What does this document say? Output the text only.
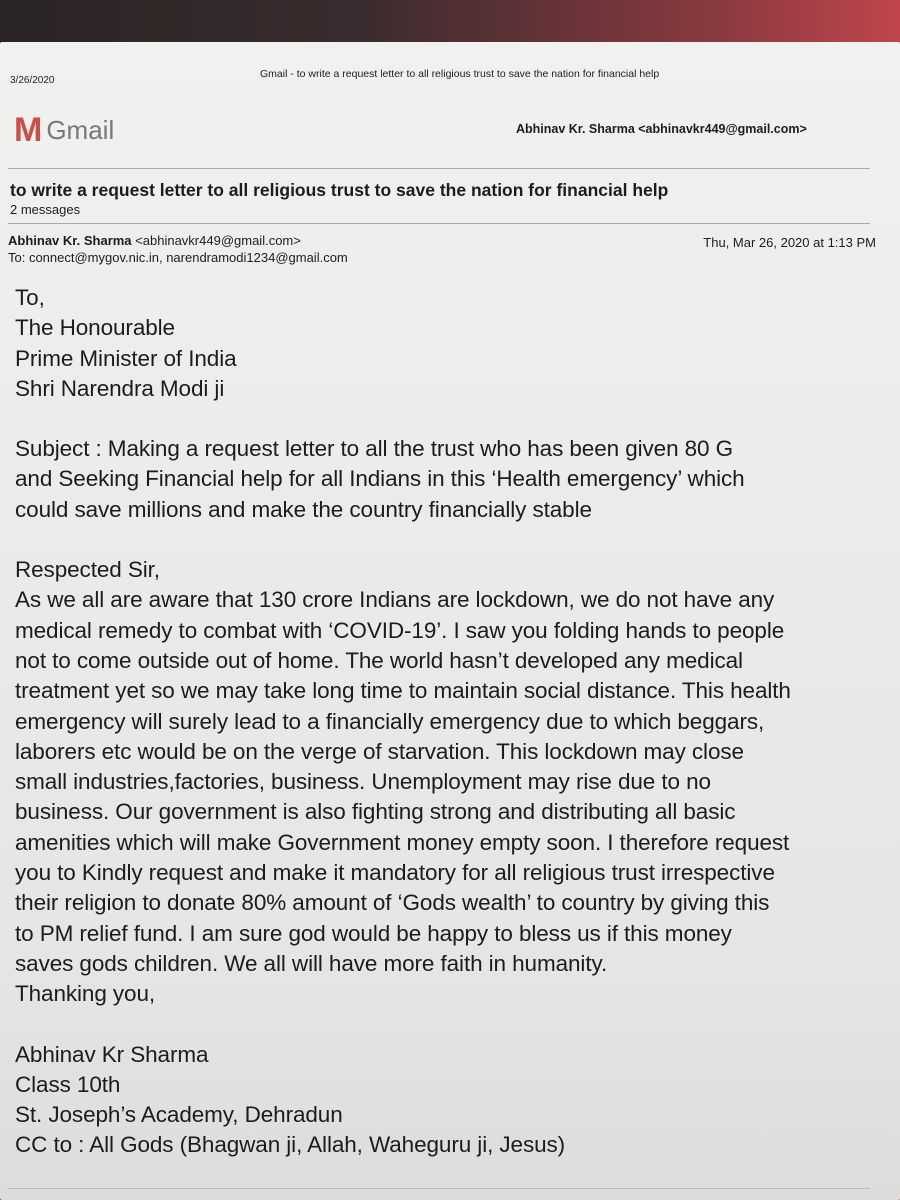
3/26/2020
Gmail - to write a request letter to all religious trust to save the nation for financial help
M Gmail	Abhinav Kr. Sharma <abhinavkr449@gmail.com>
to write a request letter to all religious trust to save the nation for financial help
2 messages
Abhinav Kr. Sharma <abhinavkr449@gmail.com>
To: connect@mygov.nic.in, narendramodi1234@gmail.com
Thu, Mar 26, 2020 at 1:13 PM
To,
The Honourable
Prime Minister of India
Shri Narendra Modi ji
Subject : Making a request letter to all the trust who has been given 80 G
and Seeking Financial help for all Indians in this ‘Health emergency’ which
could save millions and make the country financially stable
Respected Sir,
As we all are aware that 130 crore Indians are lockdown, we do not have any
medical remedy to combat with ‘COVID-19’. I saw you folding hands to people
not to come outside out of home. The world hasn’t developed any medical
treatment yet so we may take long time to maintain social distance. This health
emergency will surely lead to a financially emergency due to which beggars,
laborers etc would be on the verge of starvation. This lockdown may close
small industries,factories, business. Unemployment may rise due to no
business. Our government is also fighting strong and distributing all basic
amenities which will make Government money empty soon. I therefore request
you to Kindly request and make it mandatory for all religious trust irrespective
their religion to donate 80% amount of ‘Gods wealth’ to country by giving this
to PM relief fund. I am sure god would be happy to bless us if this money
saves gods children. We all will have more faith in humanity.
Thanking you,
Abhinav Kr Sharma
Class 10th
St. Joseph’s Academy, Dehradun
CC to : All Gods (Bhagwan ji, Allah, Waheguru ji, Jesus)
